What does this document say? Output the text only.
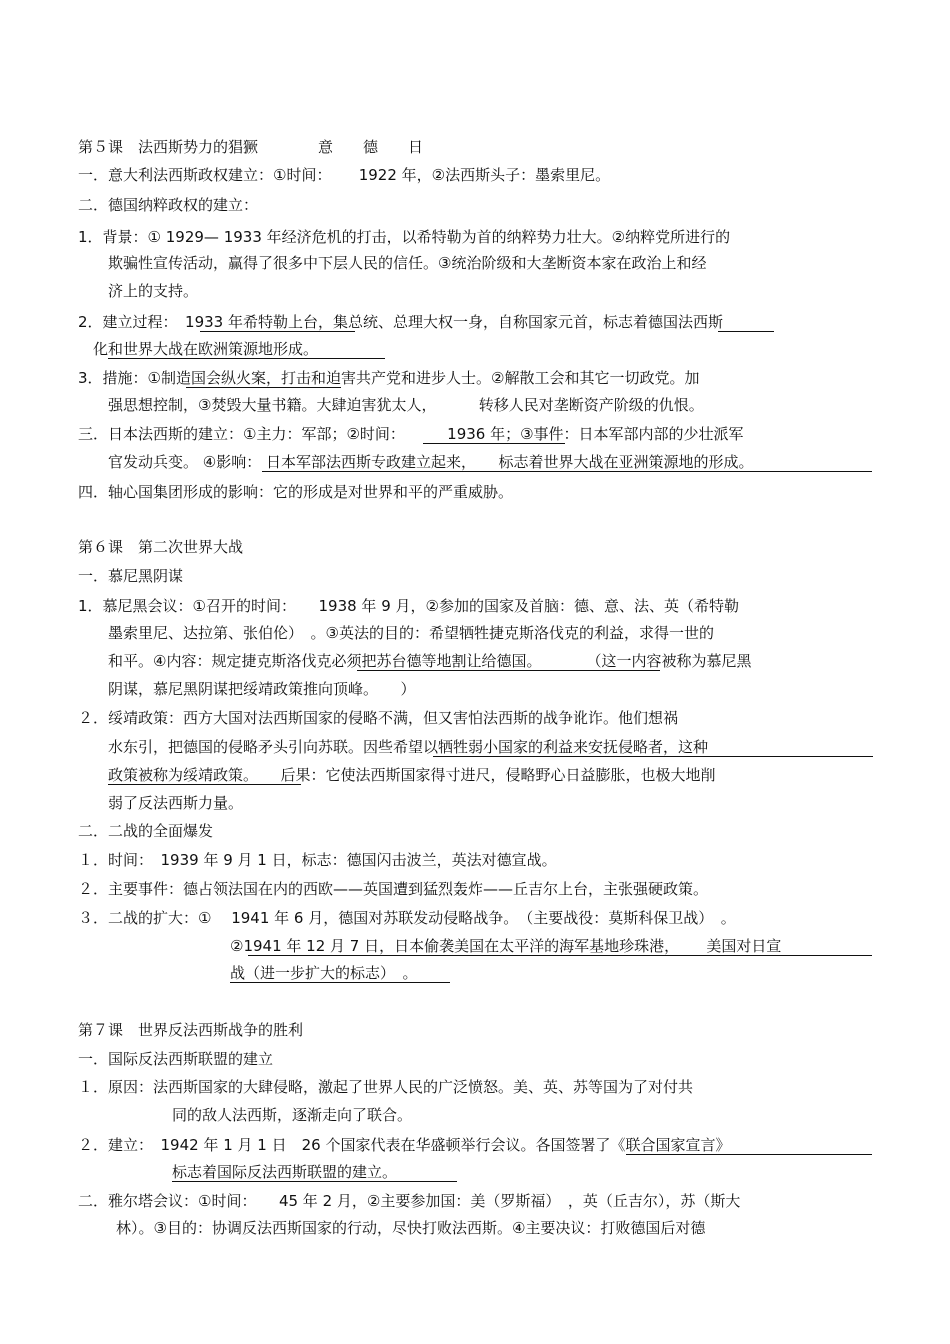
第５课　法西斯势力的猖獗　　　　意　　德　　日
一．意大利法西斯政权建立：①时间：　　 1922 年，②法西斯头子：墨索里尼。
二．德国纳粹政权的建立：
1．背景：① 1929— 1933 年经济危机的打击，以希特勒为首的纳粹势力壮大。②纳粹党所进行的
欺骗性宣传活动，赢得了很多中下层人民的信任。③统治阶级和大垄断资本家在政治上和经
济上的支持。
2．建立过程：　1933 年希特勒上台，集总统、总理大权一身，自称国家元首，标志着德国法西斯
化和世界大战在欧洲策源地形成。
3．措施：①制造国会纵火案，打击和迫害共产党和进步人士。②解散工会和其它一切政党。加
强思想控制，③焚毁大量书籍。大肆迫害犹太人，　　　 转移人民对垄断资产阶级的仇恨。
三．日本法西斯的建立：①主力：军部；②时间：　　　 1936 年；③事件：日本军部内部的少壮派军
官发动兵变。 ④影响： 日本军部法西斯专政建立起来，　　标志着世界大战在亚洲策源地的形成。
四．轴心国集团形成的影响：它的形成是对世界和平的严重威胁。
第６课　第二次世界大战
一．慕尼黑阴谋
1．慕尼黑会议：①召开的时间：　　1938 年 9 月，②参加的国家及首脑：德、意、法、英（希特勒
墨索里尼、达拉第、张伯伦）　。③英法的目的：希望牺牲捷克斯洛伐克的利益，求得一世的
和平。④内容：规定捷克斯洛伐克必须把苏台德等地割让给德国。　　　　（这一内容被称为慕尼黑
阴谋，慕尼黑阴谋把绥靖政策推向顶峰。　　）
２．绥靖政策：西方大国对法西斯国家的侵略不满，但又害怕法西斯的战争讹诈。他们想祸
水东引，把德国的侵略矛头引向苏联。因些希望以牺牲弱小国家的利益来安抚侵略者，这种
政策被称为绥靖政策。　　后果：它使法西斯国家得寸进尺，侵略野心日益膨胀，也极大地削
弱了反法西斯力量。
二．二战的全面爆发
１．时间：　1939 年 9 月 1 日，标志：德国闪击波兰，英法对德宣战。
２．主要事件：德占领法国在内的西欧——英国遭到猛烈轰炸——丘吉尔上台，主张强硬政策。
３．二战的扩大：①　 1941 年 6 月，德国对苏联发动侵略战争。　（主要战役：莫斯科保卫战）　。
②1941 年 12 月 7 日，日本偷袭美国在太平洋的海军基地珍珠港，　　 美国对日宣
战（进一步扩大的标志）　。
第７课　世界反法西斯战争的胜利
一．国际反法西斯联盟的建立
１．原因：法西斯国家的大肆侵略，激起了世界人民的广泛愤怒。美、英、苏等国为了对付共
同的敌人法西斯，逐渐走向了联合。
２．建立：　1942 年 1 月 1 日　26 个国家代表在华盛顿举行会议。各国签署了《联合国家宣言》
标志着国际反法西斯联盟的建立。
二．雅尔塔会议：①时间：　　45 年 2 月，②主要参加国：美（罗斯福）　，英（丘吉尔），苏（斯大
林）。③目的：协调反法西斯国家的行动，尽快打败法西斯。④主要决议：打败德国后对德
